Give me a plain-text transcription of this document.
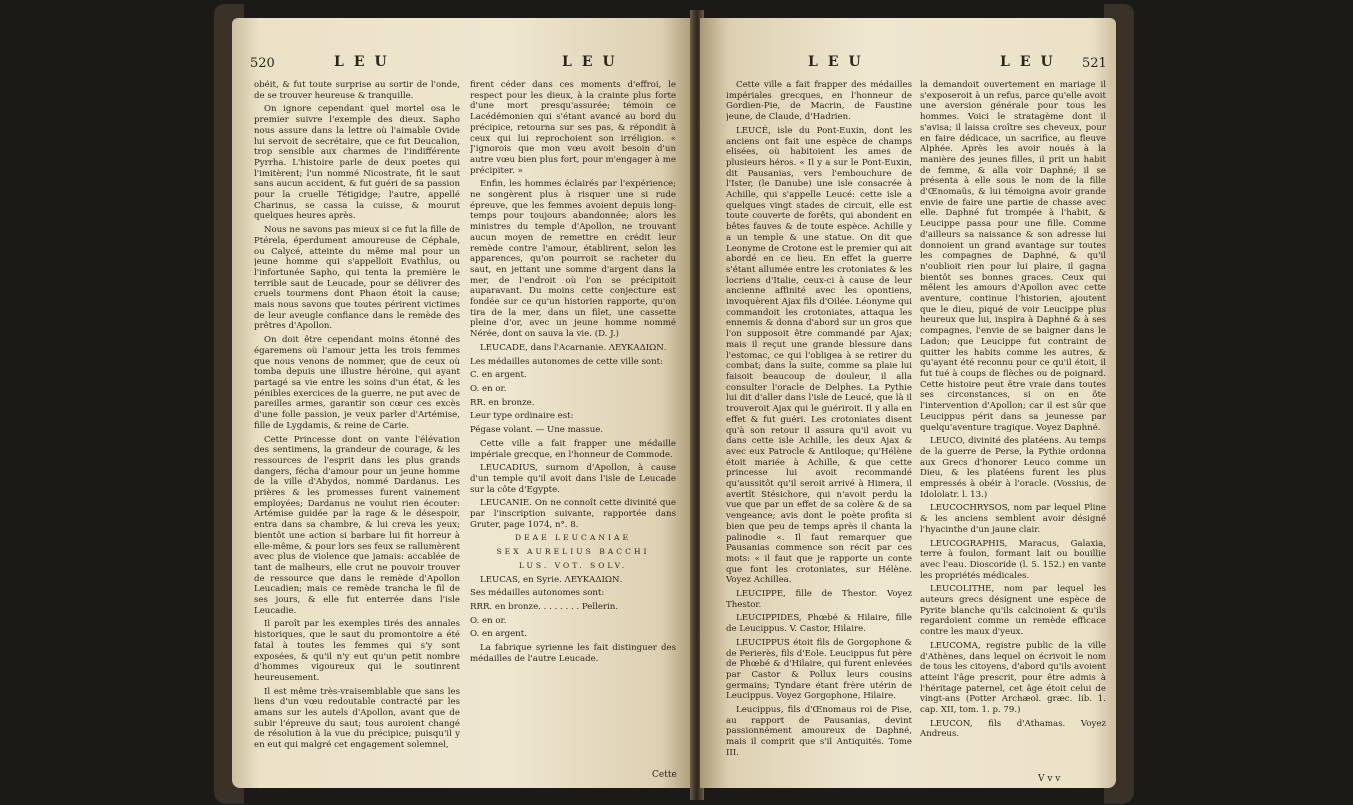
520	LEU	LEU

obéit, & fut toute surprise au sortir de l'onde, de se trouver heureuse & tranquille.

On ignore cependant quel mortel osa le premier suivre l'exemple des dieux. Sapho nous assure dans la lettre où l'aimable Ovide lui servoit de secrétaire, que ce fut Deucalion, trop sensible aux charmes de l'indifférente Pyrrha. L'histoire parle de deux poetes qui l'imitèrent; l'un nommé Nicostrate, fit le saut sans aucun accident, & fut guéri de sa passion pour la cruelle Tétigidge; l'autre, appellé Charinus, se cassa la cuisse, & mourut quelques heures après.

Nous ne savons pas mieux si ce fut la fille de Ptérela, éperdument amoureuse de Céphale, ou Calycé, atteinte du même mal pour un jeune homme qui s'appelloit Evathlus, ou l'infortunée Sapho, qui tenta la première le terrible saut de Leucade, pour se délivrer des cruels tourmens dont Phaon étoit la cause; mais nous savons que toutes périrent victimes de leur aveugle confiance dans le remède des prêtres d'Apollon.

On doit être cependant moins étonné des égaremens où l'amour jetta les trois femmes que nous venons de nommer, que de ceux où tomba depuis une illustre héroine, qui ayant partagé sa vie entre les soins d'un état, & les pénibles exercices de la guerre, ne put avec de pareilles armes, garantir son cœur ces excès d'une folle passion, je veux parler d'Artémise, fille de Lygdamis, & reine de Carie.

Cette Princesse dont on vante l'élévation des sentimens, la grandeur de courage, & les ressources de l'esprit dans les plus grands dangers, fécha d'amour pour un jeune homme de la ville d'Abydos, nommé Dardanus. Les prières & les promesses furent vainement employées; Dardanus ne voulut rien écouter: Artémise guidée par la rage & le désespoir, entra dans sa chambre, & lui creva les yeux; bientôt une action si barbare lui fit horreur à elle-même, & pour lors ses feux se rallumèrent avec plus de violence que jamais: accablée de tant de malheurs, elle crut ne pouvoir trouver de ressource que dans le remède d'Apollon Leucadien; mais ce remède trancha le fil de ses jours, & elle fut enterrée dans l'isle Leucadie.

Il paroît par les exemples tirés des annales historiques, que le saut du promontoire a été fatal à toutes les femmes qui s'y sont exposées, & qu'il n'y eut qu'un petit nombre d'hommes vigoureux qui le soutinrent heureusement.

Il est même très-vraisemblable que sans les liens d'un vœu redoutable contracté par les amans sur les autels d'Apollon, avant que de subir l'épreuve du saut; tous auroient changé de résolution à la vue du précipice; puisqu'il y en eut qui malgré cet engagement solemnel,

firent céder dans ces moments d'effroi, le respect pour les dieux, à la crainte plus forte d'une mort presqu'assurée; témoin ce Lacédémonien qui s'étant avancé au bord du précipice, retourna sur ses pas, & répondit à ceux qui lui reprochoient son irréligion. « J'ignorois que mon vœu avoit besoin d'un autre vœu bien plus fort, pour m'engager à me précipiter. »

Enfin, les hommes éclairés par l'expérience; ne songèrent plus à risquer une si rude épreuve, que les femmes avoient depuis long-temps pour toujours abandonnée; alors les ministres du temple d'Apollon, ne trouvant aucun moyen de remettre en crédit leur remède contre l'amour, établirent, selon les apparences, qu'on pourroit se racheter du saut, en jettant une somme d'argent dans la mer, de l'endroit où l'on se précipitoit auparavant. Du moins cette conjecture est fondée sur ce qu'un historien rapporte, qu'on tira de la mer, dans un filet, une cassette pleine d'or, avec un jeune homme nommé Nérée, dont on sauva la vie. (D. J.)

LEUCADE, dans l'Acarnanie. ΛΕΥΚΑΔΙΩΝ.

Les médailles autonomes de cette ville sont:

C. en argent.

O. en or.

RR. en bronze.

Leur type ordinaire est:

Pégase volant. — Une massue.

Cette ville a fait frapper une médaille impériale grecque, en l'honneur de Commode.

LEUCADIUS, surnom d'Apollon, à cause d'un temple qu'il avoit dans l'isle de Leucade sur la côte d'Egypte.

LEUCANIE. On ne connoît cette divinité que par l'inscription suivante, rapportée dans Gruter, page 1074, n°. 8.

DEAE LEUCANIAE

SEX AURELIUS BACCHI

LUS. VOT. SOLV.

LEUCAS, en Syrie. ΛΕΥΚΑΔΙΩΝ.

Ses médailles autonomes sont:

RRR. en bronze. . . . . . . . Pellerin.

O. en or.

O. en argent.

La fabrique syrienne les fait distinguer des médailles de l'autre Leucade.

Cette
LEU	LEU 521

Cette ville a fait frapper des médailles impériales grecques, en l'honneur de Gordien-Pie, de Macrin, de Faustine jeune, de Claude, d'Hadrien.

LEUCÉ, isle du Pont-Euxin, dont les anciens ont fait une espèce de champs elisées, où habitoient les ames de plusieurs héros. « Il y a sur le Pont-Euxin, dit Pausanias, vers l'embouchure de l'Ister, (le Danube) une isle consacrée à Achille, qui s'appelle Leucé: cette isle a quelques vingt stades de circuit, elle est toute couverte de forêts, qui abondent en bêtes fauves & de toute espèce. Achille y a un temple & une statue. On dit que Leonyme de Crotone est le premier qui ait abordé en ce lieu. En effet la guerre s'étant allumée entre les crotoniates & les locriens d'Italie, ceux-ci à cause de leur ancienne affinité avec les opontiens, invoquèrent Ajax fils d'Oilée. Léonyme qui commandoit les crotoniates, attaqua les ennemis & donna d'abord sur un gros que l'on supposoit être commandé par Ajax; mais il reçut une grande blessure dans l'estomac, ce qui l'obligea à se retirer du combat; dans la suite, comme sa plaie lui faisoit beaucoup de douleur, il alla consulter l'oracle de Delphes. La Pythie lui dit d'aller dans l'isle de Leucé, que là il trouveroit Ajax qui le guériroit. Il y alla en effet & fut guéri. Les crotoniates disent qu'à son retour il assura qu'il avoit vu dans cette isle Achille, les deux Ajax & avec eux Patrocle & Antiloque; qu'Hélène étoit mariée à Achille, & que cette princesse lui avoit recommandé qu'aussitôt qu'il seroit arrivé à Himera, il avertît Stésichore, qui n'avoit perdu la vue que par un effet de sa colère & de sa vengeance; avis dont le poète profita si bien que peu de temps après il chanta la palinodie «. Il faut remarquer que Pausanias commence son récit par ces mots: « il faut que je rapporte un conte que font les crotoniates, sur Hélène. Voyez Achillea.

LEUCIPPE, fille de Thestor. Voyez Thestor.

LEUCIPPIDES, Phœbé & Hilaire, fille de Leucippus. V. Castor, Hilaire.

LEUCIPPUS étoit fils de Gorgophone & de Perierès, fils d'Eole. Leucippus fut père de Phœbé & d'Hilaire, qui furent enlevées par Castor & Pollux leurs cousins germains; Tyndare étant frère utérin de Leucippus. Voyez Gorgophone, Hilaire.

Leucippus, fils d'Œnomaus roi de Pise, au rapport de Pausanias, devint passionnément amoureux de Daphné, mais il comprit que s'il Antiquités. Tome III.

la demandoit ouvertement en mariage il s'exposeroit à un refus, parce qu'elle avoit une aversion générale pour tous les hommes. Voici le stratagème dont il s'avisa; il laissa croître ses cheveux, pour en faire dédicace, un sacrifice, au fleuve Alphée. Après les avoir noués à la manière des jeunes filles, il prit un habit de femme, & alla voir Daphné; il se présenta à elle sous le nom de la fille d'Œnomaüs, & lui témoigna avoir grande envie de faire une partie de chasse avec elle. Daphné fut trompée à l'habit, & Leucippe passa pour une fille. Comme d'ailleurs sa naissance & son adresse lui donnoient un grand avantage sur toutes les compagnes de Daphné, & qu'il n'oublioit rien pour lui plaire, il gagna bientôt ses bonnes graces. Ceux qui mêlent les amours d'Apollon avec cette aventure, continue l'historien, ajoutent que le dieu, piqué de voir Leucippe plus heureux que lui, inspira à Daphné & à ses compagnes, l'envie de se baigner dans le Ladon; que Leucippe fut contraint de quitter les habits comme les autres, & qu'ayant été reconnu pour ce qu'il étoit, il fut tué à coups de flèches ou de poignard. Cette histoire peut être vraie dans toutes ses circonstances, si on en ôte l'intervention d'Apollon; car il est sûr que Leucippus périt dans sa jeunesse par quelqu'aventure tragique. Voyez Daphné.

LEUCO, divinité des platéens. Au temps de la guerre de Perse, la Pythie ordonna aux Grecs d'honorer Leuco comme un Dieu, & les platéens furent les plus empressés à obéir à l'oracle. (Vossius, de Idololatr. l. 13.)

LEUCOCHRYSOS, nom par lequel Pline & les anciens semblent avoir désigné l'hyacinthe d'un jaune clair.

LEUCOGRAPHIS, Maracus, Galaxia, terre à foulon, formant lait ou bouillie avec l'eau. Dioscoride (l. 5. 152.) en vante les propriétés médicales.

LEUCOLITHE, nom par lequel les auteurs grecs désignent une espèce de Pyrite blanche qu'ils calcinoient & qu'ils regardoient comme un remède efficace contre les maux d'yeux.

LEUCOMA, registre public de la ville d'Athènes, dans lequel on écrivoit le nom de tous les citoyens, d'abord qu'ils avoient atteint l'âge prescrit, pour être admis à l'héritage paternel, cet âge étoit celui de vingt-ans (Potter Archæol. græc. lib. 1. cap. XII, tom. 1. p. 79.)

LEUCON, fils d'Athamas. Voyez Andreus.

V v v
